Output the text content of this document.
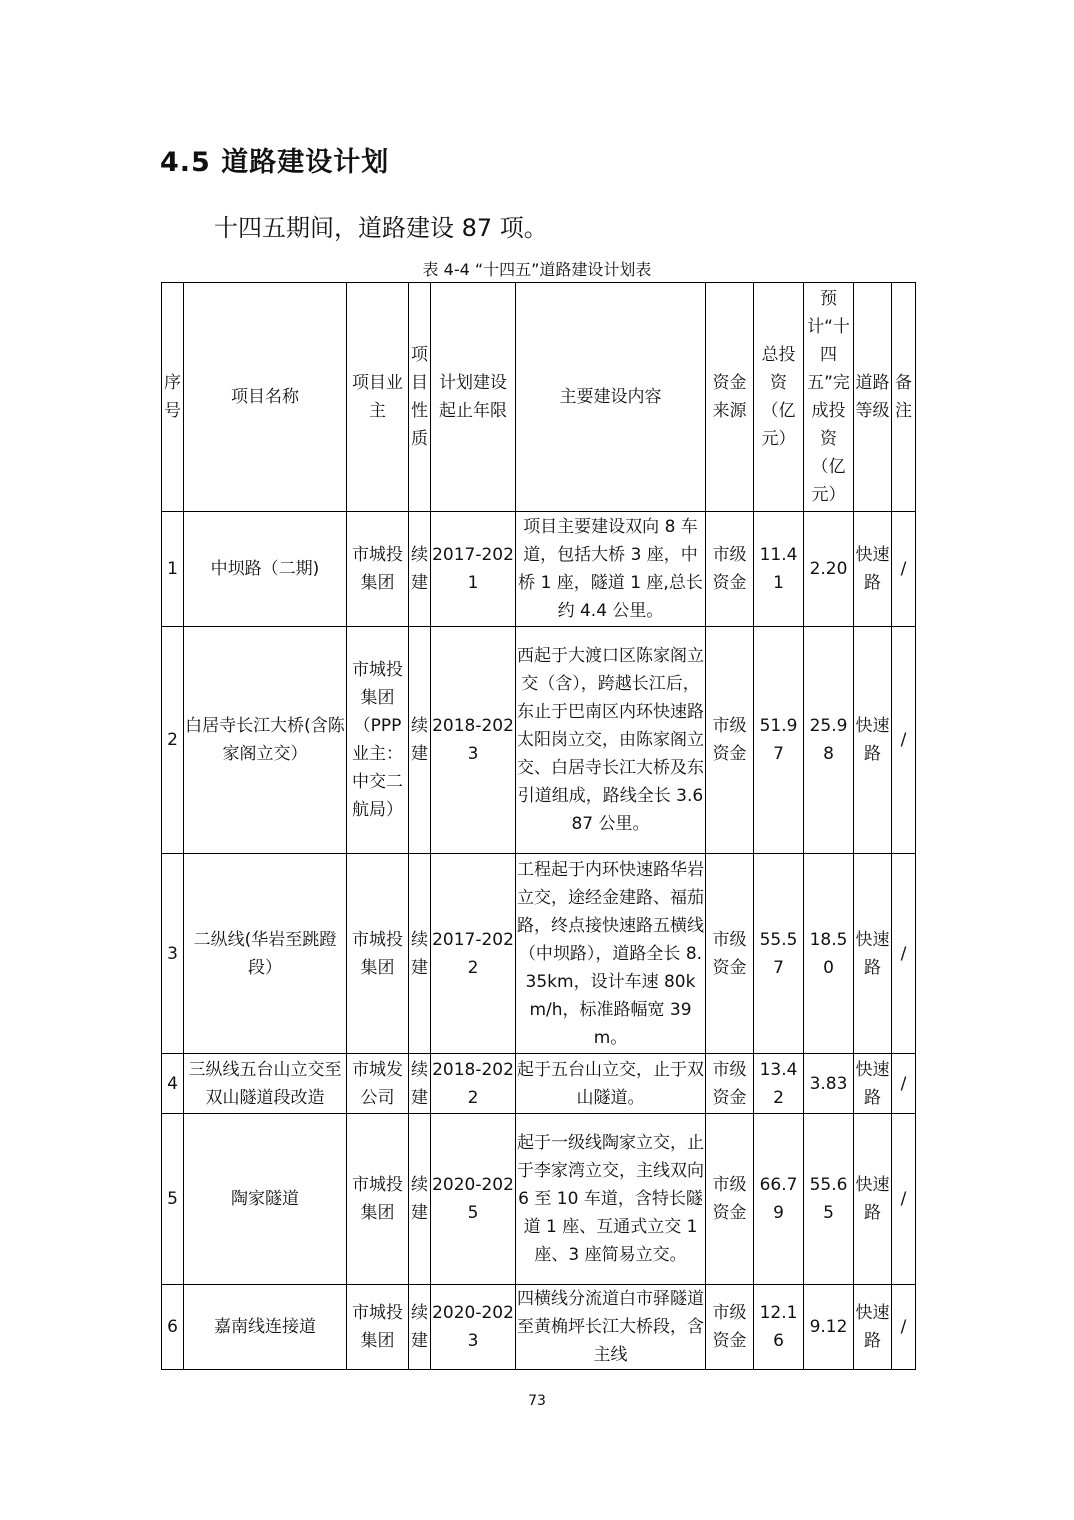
4.5 道路建设计划
十四五期间，道路建设 87 项。
表 4-4 “十四五”道路建设计划表
序号	项目名称	项目业主	项目性质	计划建设起止年限	主要建设内容	资金来源	总投资（亿元）	预计“十四五”完成投资（亿元）	道路等级	备注
1	中坝路（二期)	市城投集团	续建	2017-2021	项目主要建设双向 8 车道，包括大桥 3 座，中桥 1 座，隧道 1 座,总长约 4.4 公里。	市级资金	11.41	2.20	快速路	/
2	白居寺长江大桥(含陈家阁立交）	市城投集团（PPP 业主：中交二航局）	续建	2018-2023	西起于大渡口区陈家阁立交（含），跨越长江后，东止于巴南区内环快速路太阳岗立交，由陈家阁立交、白居寺长江大桥及东引道组成，路线全长 3.687 公里。	市级资金	51.97	25.98	快速路	/
3	二纵线(华岩至跳蹬段）	市城投集团	续建	2017-2022	工程起于内环快速路华岩立交，途经金建路、福茄路，终点接快速路五横线（中坝路），道路全长 8.35km，设计车速 80km/h，标准路幅宽 39m。	市级资金	55.57	18.50	快速路	/
4	三纵线五台山立交至双山隧道段改造	市城发公司	续建	2018-2022	起于五台山立交，止于双山隧道。	市级资金	13.42	3.83	快速路	/
5	陶家隧道	市城投集团	续建	2020-2025	起于一级线陶家立交，止于李家湾立交，主线双向 6 至 10 车道，含特长隧道 1 座、互通式立交 1 座、3 座简易立交。	市级资金	66.79	55.65	快速路	/
6	嘉南线连接道	市城投集团	续建	2020-2023	四横线分流道白市驿隧道至黄桷坪长江大桥段，含主线	市级资金	12.16	9.12	快速路	/
73
